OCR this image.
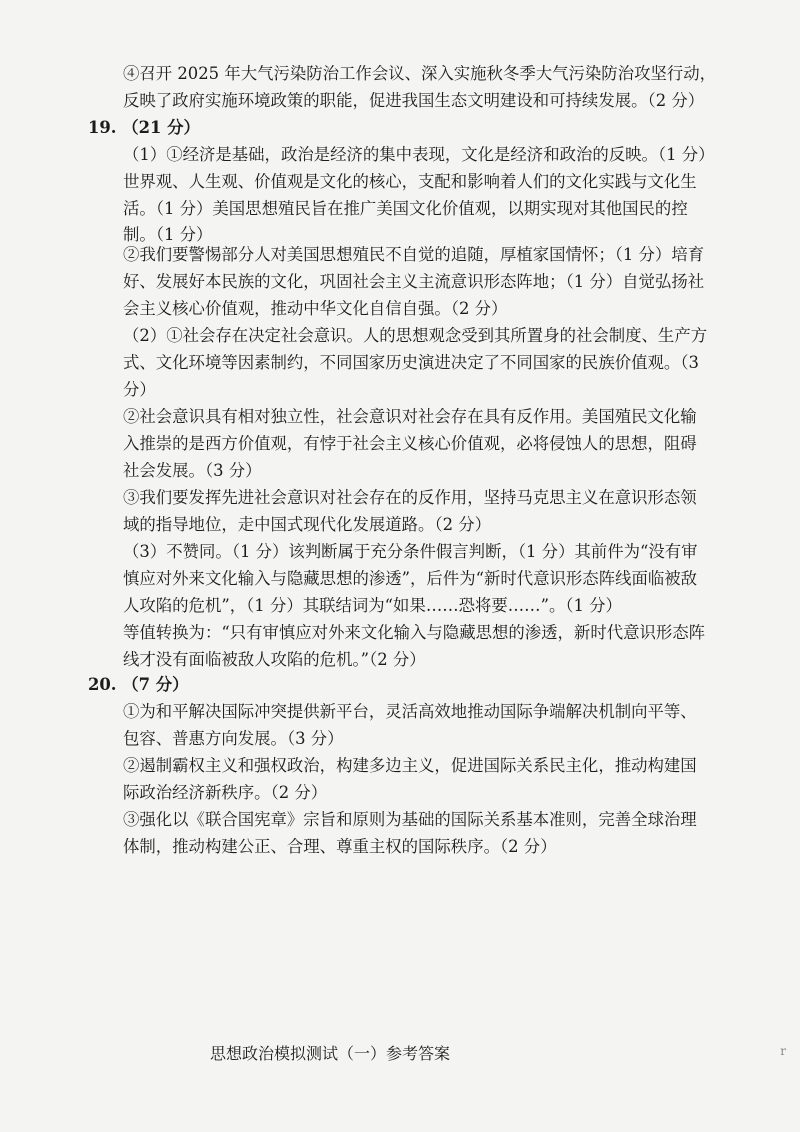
④召开 2025 年大气污染防治工作会议、深入实施秋冬季大气污染防治攻坚行动，
反映了政府实施环境政策的职能，促进我国生态文明建设和可持续发展。（2 分）
19. （21 分）
（1）①经济是基础，政治是经济的集中表现，文化是经济和政治的反映。（1 分）
世界观、人生观、价值观是文化的核心，支配和影响着人们的文化实践与文化生
活。（1 分）美国思想殖民旨在推广美国文化价值观，以期实现对其他国民的控
制。（1 分）
②我们要警惕部分人对美国思想殖民不自觉的追随，厚植家国情怀；（1 分）培育
好、发展好本民族的文化，巩固社会主义主流意识形态阵地；（1 分）自觉弘扬社
会主义核心价值观，推动中华文化自信自强。（2 分）
（2）①社会存在决定社会意识。人的思想观念受到其所置身的社会制度、生产方
式、文化环境等因素制约，不同国家历史演进决定了不同国家的民族价值观。（3
分）
②社会意识具有相对独立性，社会意识对社会存在具有反作用。美国殖民文化输
入推崇的是西方价值观，有悖于社会主义核心价值观，必将侵蚀人的思想，阻碍
社会发展。（3 分）
③我们要发挥先进社会意识对社会存在的反作用，坚持马克思主义在意识形态领
域的指导地位，走中国式现代化发展道路。（2 分）
（3）不赞同。（1 分）该判断属于充分条件假言判断，（1 分）其前件为“没有审
慎应对外来文化输入与隐藏思想的渗透”，后件为“新时代意识形态阵线面临被敌
人攻陷的危机”，（1 分）其联结词为“如果……恐将要……”。（1 分）
等值转换为：“只有审慎应对外来文化输入与隐藏思想的渗透，新时代意识形态阵
线才没有面临被敌人攻陷的危机。”（2 分）
20. （7 分）
①为和平解决国际冲突提供新平台，灵活高效地推动国际争端解决机制向平等、
包容、普惠方向发展。（3 分）
②遏制霸权主义和强权政治，构建多边主义，促进国际关系民主化，推动构建国
际政治经济新秩序。（2 分）
③强化以《联合国宪章》宗旨和原则为基础的国际关系基本准则，完善全球治理
体制，推动构建公正、合理、尊重主权的国际秩序。（2 分）
思想政治模拟测试（一）参考答案	r
